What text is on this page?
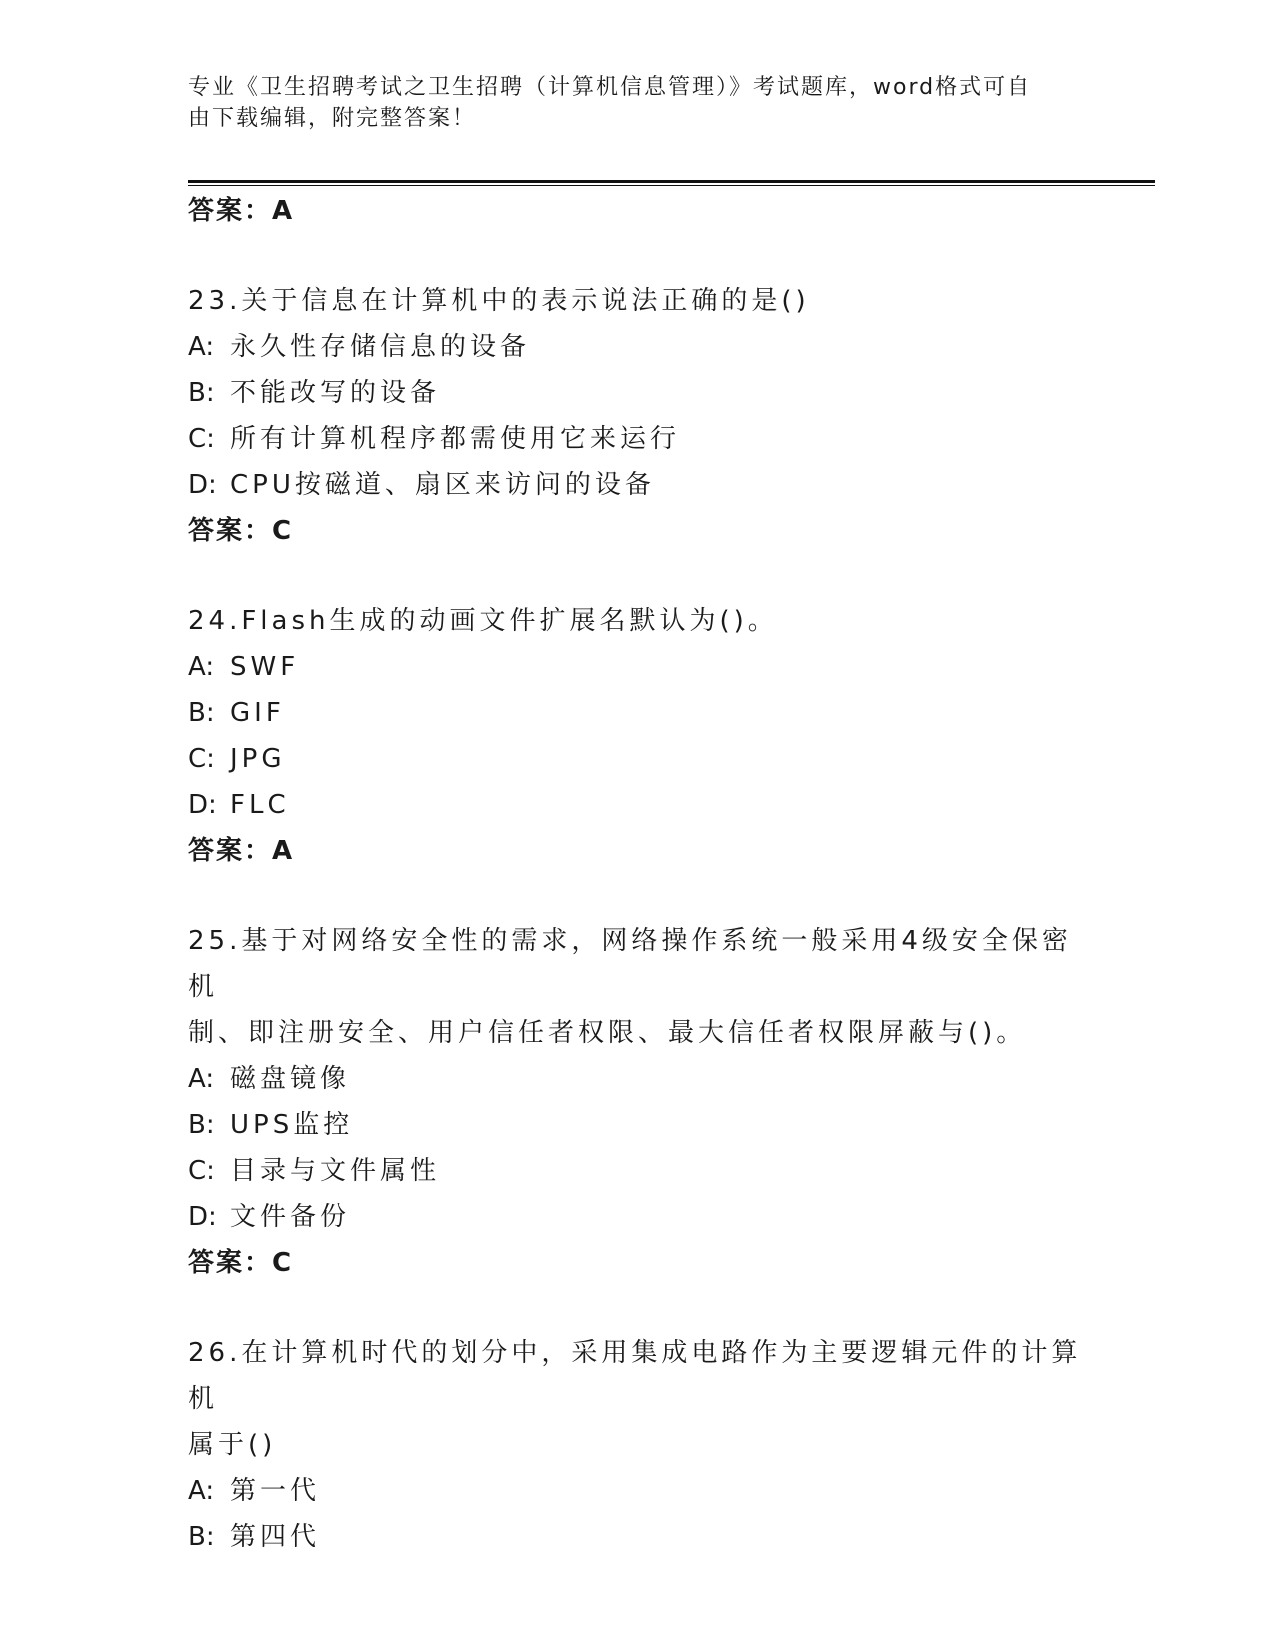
专业《卫生招聘考试之卫生招聘（计算机信息管理）》考试题库，word格式可自
由下载编辑，附完整答案！
答案：A
23.关于信息在计算机中的表示说法正确的是()
A: 永久性存储信息的设备
B: 不能改写的设备
C: 所有计算机程序都需使用它来运行
D: CPU按磁道、扇区来访问的设备
答案：C
24.Flash生成的动画文件扩展名默认为()。
A: SWF
B: GIF
C: JPG
D: FLC
答案：A
25.基于对网络安全性的需求，网络操作系统一般采用4级安全保密机
制、即注册安全、用户信任者权限、最大信任者权限屏蔽与()。
A: 磁盘镜像
B: UPS监控
C: 目录与文件属性
D: 文件备份
答案：C
26.在计算机时代的划分中，采用集成电路作为主要逻辑元件的计算机
属于()
A: 第一代
B: 第四代
